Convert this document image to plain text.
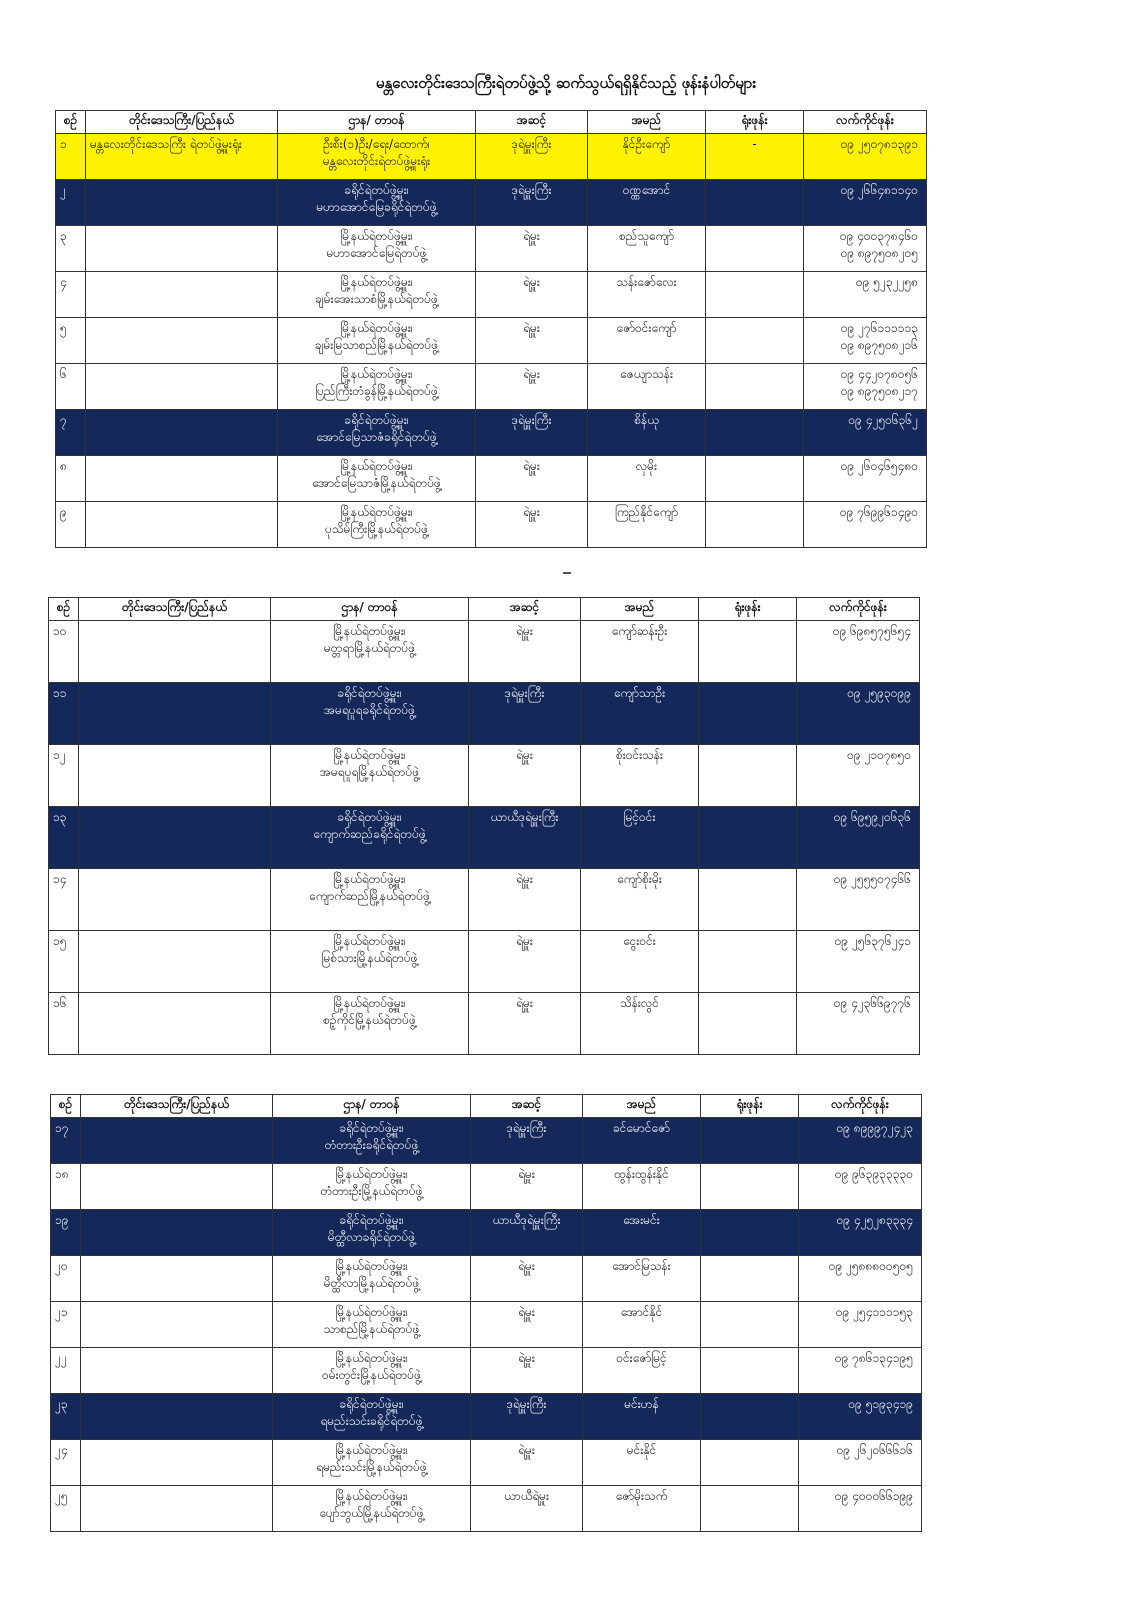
မန္တလေးတိုင်းဒေသကြီးရဲတပ်ဖွဲ့သို့ ဆက်သွယ်ရရှိနိုင်သည့် ဖုန်းနံပါတ်များ
စဉ်	တိုင်းဒေသကြီး/ပြည်နယ်	ဌာန/ တာဝန်	အဆင့်	အမည်	ရုံးဖုန်း	လက်ကိုင်ဖုန်း
၁	မန္တလေးတိုင်းဒေသကြီး ရဲတပ်ဖွဲ့မှူးရုံး	ဦးစီး(၁)ဦး/ရေး/ထောက်၊
မန္တလေးတိုင်းရဲတပ်ဖွဲ့မှူးရုံး	ဒုရဲမှူးကြီး	နိုင်ဦးကျော်	-	၀၉ ၂၅၀၇၈၁၃၉၁

၂		ခရိုင်ရဲတပ်ဖွဲ့မှူး၊
မဟာအောင်မြေခရိုင်ရဲတပ်ဖွဲ့	ဒုရဲမှူးကြီး	ဝဏ္ဏအောင်		၀၉ ၂၆၆၄၈၁၁၄၀

၃		မြို့နယ်ရဲတပ်ဖွဲ့မှူး၊
မဟာအောင်မြေရဲတပ်ဖွဲ့	ရဲမှူး	စည်သူကျော်		၀၉ ၄၀၀၃၇၈၄၆၀
၀၉ ၈၉၇၅၀၈၂၀၅

၄		မြို့နယ်ရဲတပ်ဖွဲ့မှူး၊
ချမ်းအေးသာစံမြို့နယ်ရဲတပ်ဖွဲ့	ရဲမှူး	သန်းဇော်လေး		၀၉ ၅၂၃၂၂၅၈

၅		မြို့နယ်ရဲတပ်ဖွဲ့မှူး၊
ချမ်းမြသာစည်မြို့နယ်ရဲတပ်ဖွဲ့	ရဲမှူး	ဇော်ဝင်းကျော်		၀၉ ၂၇၆၁၁၁၁၁၃
၀၉ ၈၉၇၅၀၈၂၁၆

၆		မြို့နယ်ရဲတပ်ဖွဲ့မှူး၊
ပြည်ကြီးတံခွန်မြို့နယ်ရဲတပ်ဖွဲ့	ရဲမှူး	ဇေယျာသန်း		၀၉ ၄၄၂၀၇၈၀၅၆
၀၉ ၈၉၇၅၀၈၂၁၇

၇		ခရိုင်ရဲတပ်ဖွဲ့မှူး၊
အောင်မြေသာဇံခရိုင်ရဲတပ်ဖွဲ့	ဒုရဲမှူးကြီး	စိန်ယု		၀၉ ၄၂၅၀၆၃၆၂

၈		မြို့နယ်ရဲတပ်ဖွဲ့မှူး၊
အောင်မြေသာဇံမြို့နယ်ရဲတပ်ဖွဲ့	ရဲမှူး	လှမိုး		၀၉ ၂၆၀၄၆၅၄၈၀

၉		မြို့နယ်ရဲတပ်ဖွဲ့မှူး၊
ပုသိမ်ကြီးမြို့နယ်ရဲတပ်ဖွဲ့	ရဲမှူး	ကြည်နိုင်ကျော်		၀၉ ၇၆၉၉၆၁၄၉၀
စဉ်	တိုင်းဒေသကြီး/ပြည်နယ်	ဌာန/ တာဝန်	အဆင့်	အမည်	ရုံးဖုန်း	လက်ကိုင်ဖုန်း
၁၀		မြို့နယ်ရဲတပ်ဖွဲ့မှူး၊
မတ္တရာမြို့နယ်ရဲတပ်ဖွဲ့	ရဲမှူး	ကျော်ဆန်းဦး		၀၉ ၆၉၈၅၇၅၆၅၄

၁၁		ခရိုင်ရဲတပ်ဖွဲ့မှူး၊
အမရပူရခရိုင်ရဲတပ်ဖွဲ့	ဒုရဲမှူးကြီး	ကျော်သာဦး		၀၉ ၂၅၉၃၀၉၉

၁၂		မြို့နယ်ရဲတပ်ဖွဲ့မှူး၊
အမရပူရမြို့နယ်ရဲတပ်ဖွဲ့	ရဲမှူး	စိုးဝင်းသန်း		၀၉ ၂၁၀၇၈၅၀

၁၃		ခရိုင်ရဲတပ်ဖွဲ့မှူး၊
ကျောက်ဆည်ခရိုင်ရဲတပ်ဖွဲ့	ယာယီဒုရဲမှူးကြီး	မြင့်ဝင်း		၀၉ ၆၉၅၉၂၀၆၃၆

၁၄		မြို့နယ်ရဲတပ်ဖွဲ့မှူး၊
ကျောက်ဆည်မြို့နယ်ရဲတပ်ဖွဲ့	ရဲမှူး	ကျော်စိုးမိုး		၀၉ ၂၅၅၅၀၇၄၆၆

၁၅		မြို့နယ်ရဲတပ်ဖွဲ့မှူး၊
မြစ်သားမြို့နယ်ရဲတပ်ဖွဲ့	ရဲမှူး	ငွေးဝင်း		၀၉ ၂၅၆၃၇၆၂၄၁

၁၆		မြို့နယ်ရဲတပ်ဖွဲ့မှူး၊
စဉ့်ကိုင်မြို့နယ်ရဲတပ်ဖွဲ့	ရဲမှူး	သိန်းလွင်		၀၉ ၄၂၃၆၆၉၇၇၆
စဉ်	တိုင်းဒေသကြီး/ပြည်နယ်	ဌာန/ တာဝန်	အဆင့်	အမည်	ရုံးဖုန်း	လက်ကိုင်ဖုန်း
၁၇		ခရိုင်ရဲတပ်ဖွဲ့မှူး၊
တံတားဦးခရိုင်ရဲတပ်ဖွဲ့	ဒုရဲမှူးကြီး	ခင်မောင်ဇော်		၀၉ ၈၉၉၉၇၂၄၂၃

၁၈		မြို့နယ်ရဲတပ်ဖွဲ့မှူး၊
တံတားဦးမြို့နယ်ရဲတပ်ဖွဲ့	ရဲမှူး	ထွန်းထွန်းနိုင်		၀၉ ၉၆၃၉၃၃၃၃၀

၁၉		ခရိုင်ရဲတပ်ဖွဲ့မှူး၊
မိတ္ထီလာခရိုင်ရဲတပ်ဖွဲ့	ယာယီဒုရဲမှူးကြီး	အေးမင်း		၀၉ ၄၂၅၂၈၃၃၃၄

၂၀		မြို့နယ်ရဲတပ်ဖွဲ့မှူး၊
မိတ္ထီလာမြို့နယ်ရဲတပ်ဖွဲ့	ရဲမှူး	အောင်မြသန်း		၀၉ ၂၅၈၈၈၀၀၅၀၅

၂၁		မြို့နယ်ရဲတပ်ဖွဲ့မှူး၊
သာစည်မြို့နယ်ရဲတပ်ဖွဲ့	ရဲမှူး	အောင်နိုင်		၀၉ ၂၅၄၁၁၁၁၅၃

၂၂		မြို့နယ်ရဲတပ်ဖွဲ့မှူး၊
ဝမ်းတွင်းမြို့နယ်ရဲတပ်ဖွဲ့	ရဲမှူး	ဝင်းဇော်မြင့်		၀၉ ၇၈၆၁၃၄၁၉၅

၂၃		ခရိုင်ရဲတပ်ဖွဲ့မှူး၊
ရမည်းသင်းခရိုင်ရဲတပ်ဖွဲ့	ဒုရဲမှူးကြီး	မင်းဟန်		၀၉ ၅၁၉၃၄၁၉

၂၄		မြို့နယ်ရဲတပ်ဖွဲ့မှူး၊
ရမည်းသင်းမြို့နယ်ရဲတပ်ဖွဲ့	ရဲမှူး	မင်းနိုင်		၀၉ ၂၆၂၀၆၆၆၁၆

၂၅		မြို့နယ်ရဲတပ်ဖွဲ့မှူး၊
ပျော်ဘွယ်မြို့နယ်ရဲတပ်ဖွဲ့	ယာယီရဲမှူး	ဇော်မိုးသက်		၀၉ ၄၀၀၀၆၆၁၉၉
